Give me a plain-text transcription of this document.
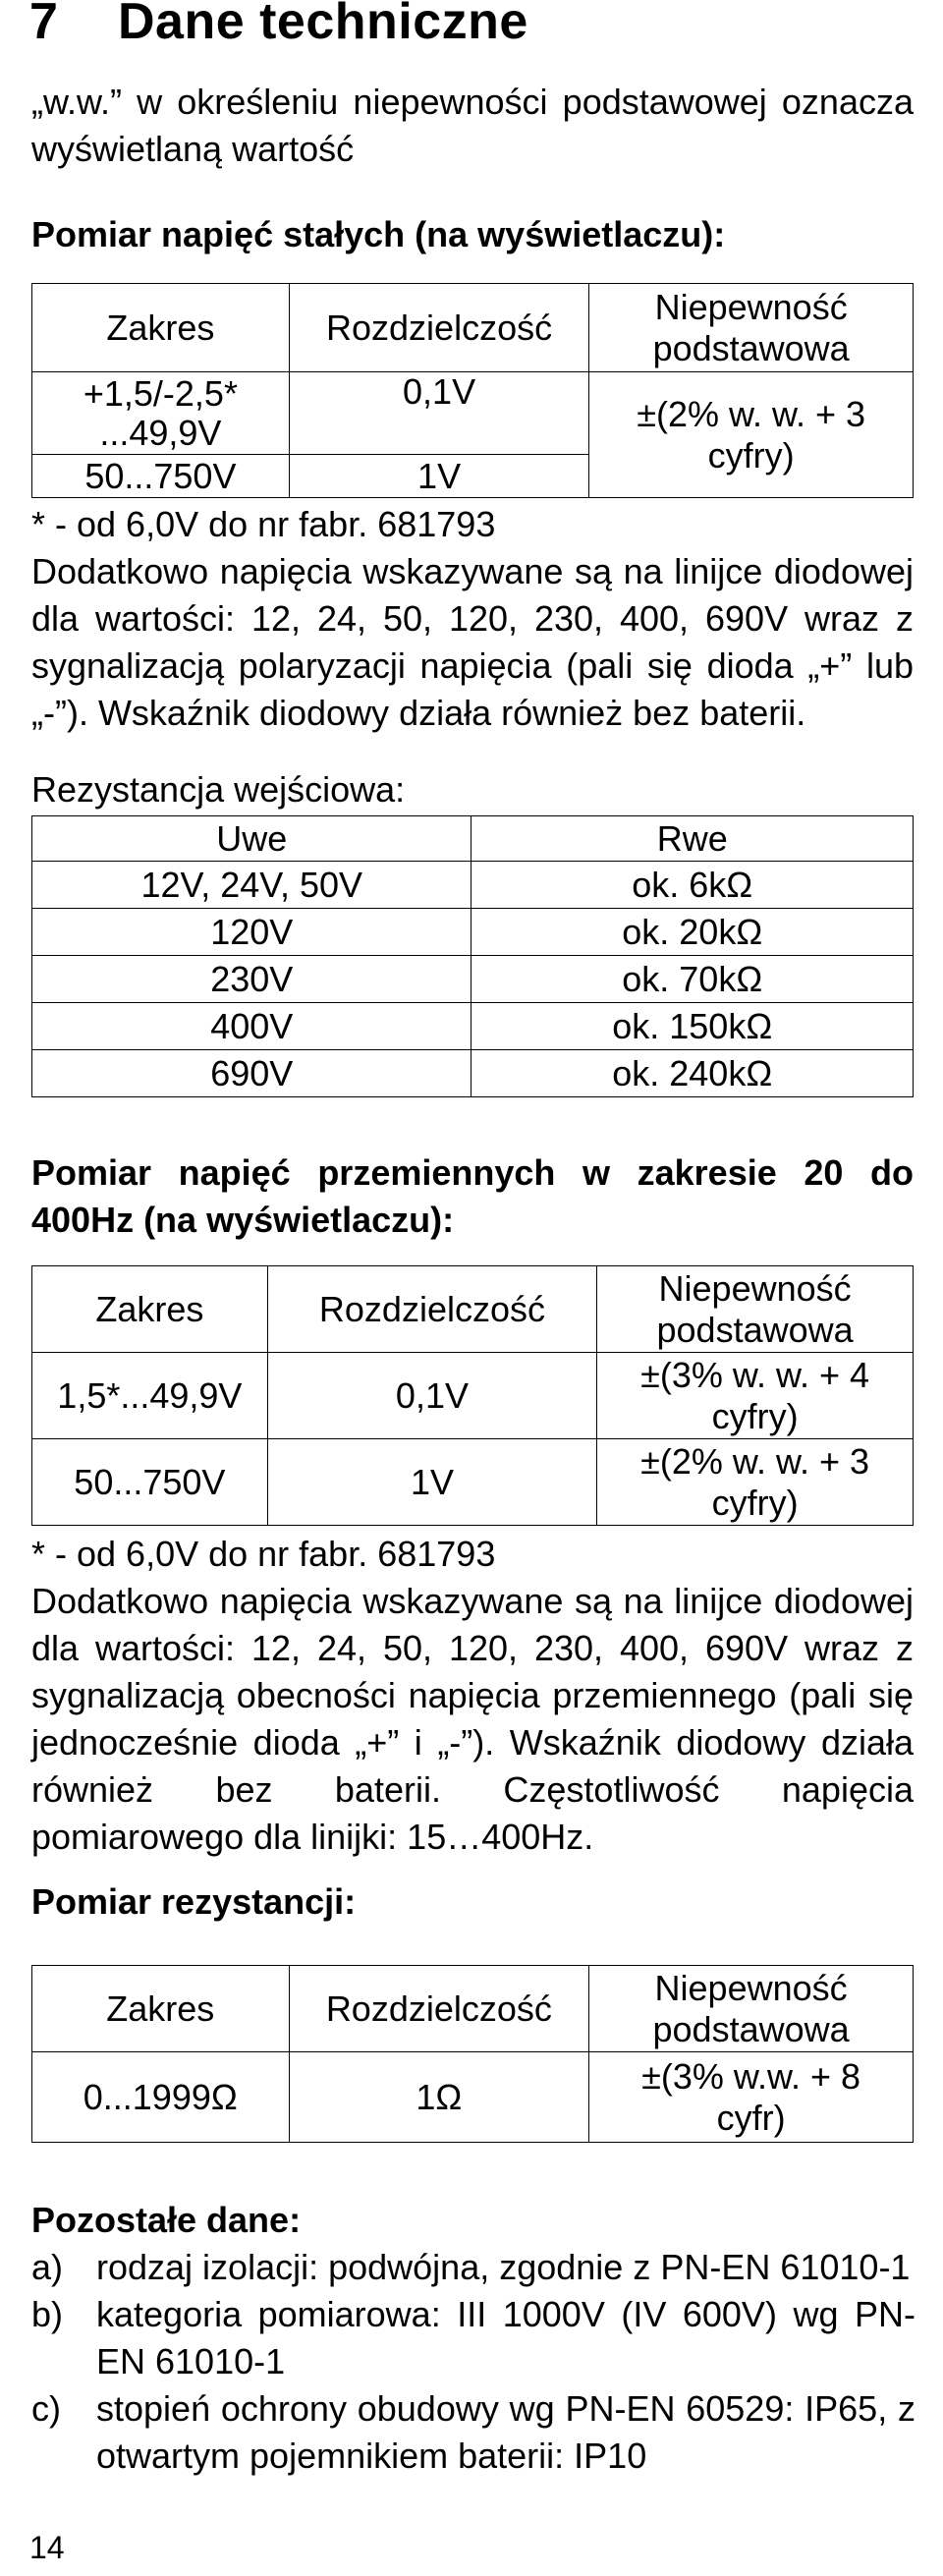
7 Dane techniczne
„w.w.” w określeniu niepewności podstawowej oznacza wyświetlaną wartość
Pomiar napięć stałych (na wyświetlaczu):
Zakres	Rozdzielczość	Niepewność podstawowa
+1,5/-2,5* ...49,9V	0,1V	±(2% w. w. + 3 cyfry)
50...750V	1V	
* - od 6,0V do nr fabr. 681793
Dodatkowo napięcia wskazywane są na linijce diodowej dla wartości: 12, 24, 50, 120, 230, 400, 690V wraz z sygnalizacją polaryzacji napięcia (pali się dioda „+” lub „-”). Wskaźnik diodowy działa również bez baterii.
Rezystancja wejściowa:
Uwe	Rwe
12V, 24V, 50V	ok. 6kΩ
120V	ok. 20kΩ
230V	ok. 70kΩ
400V	ok. 150kΩ
690V	ok. 240kΩ
Pomiar napięć przemiennych w zakresie 20 do 400Hz (na wyświetlaczu):
Zakres	Rozdzielczość	Niepewność podstawowa
1,5*...49,9V	0,1V	±(3% w. w. + 4 cyfry)
50...750V	1V	±(2% w. w. + 3 cyfry)
* - od 6,0V do nr fabr. 681793
Dodatkowo napięcia wskazywane są na linijce diodowej dla wartości: 12, 24, 50, 120, 230, 400, 690V wraz z sygnalizacją obecności napięcia przemiennego (pali się jednocześnie dioda „+” i „-”). Wskaźnik diodowy działa również bez baterii. Częstotliwość napięcia pomiarowego dla linijki: 15…400Hz.
Pomiar rezystancji:
Zakres	Rozdzielczość	Niepewność podstawowa
0...1999Ω	1Ω	±(3% w.w. + 8 cyfr)
Pozostałe dane:
a) rodzaj izolacji: podwójna, zgodnie z PN-EN 61010-1
b) kategoria pomiarowa: III 1000V (IV 600V) wg PN-EN 61010-1
c)	stopień ochrony obudowy wg PN-EN 60529: IP65, z otwartym pojemnikiem baterii: IP10
14
